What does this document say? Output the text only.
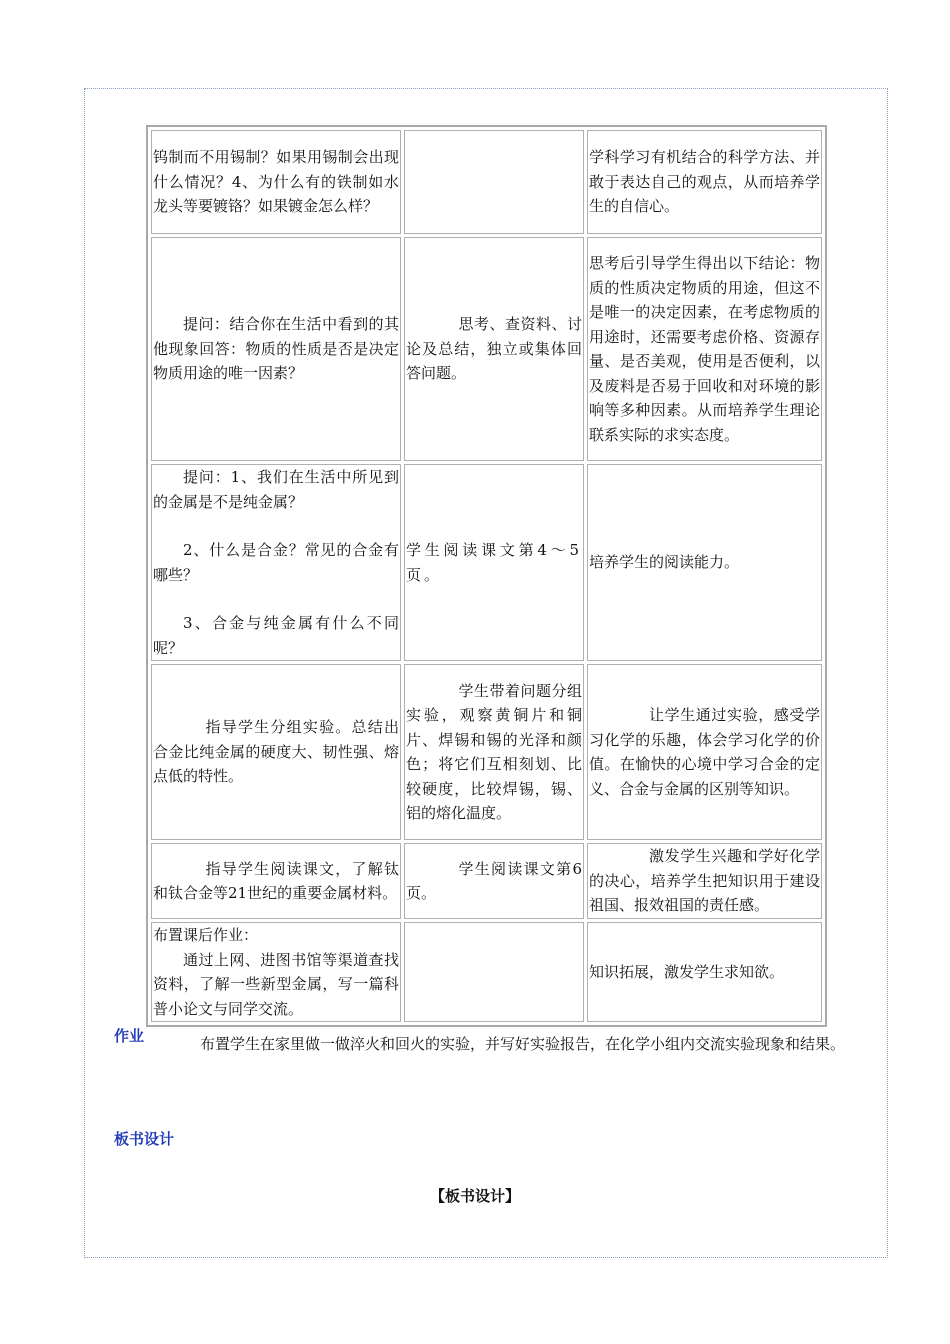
钨制而不用锡制？如果用锡制会出现什么情况？4、为什么有的铁制如水龙头等要镀铬？如果镀金怎么样？		学科学习有机结合的科学方法、并敢于表达自己的观点，从而培养学生的自信心。

提问：结合你在生活中看到的其他现象回答：物质的性质是否是决定物质用途的唯一因素？	思考、查资料、讨论及总结，独立或集体回答问题。	思考后引导学生得出以下结论：物质的性质决定物质的用途，但这不是唯一的决定因素，在考虑物质的用途时，还需要考虑价格、资源存量、是否美观，使用是否便利，以及废料是否易于回收和对环境的影响等多种因素。从而培养学生理论联系实际的求实态度。

提问：1、我们在生活中所见到的金属是不是纯金属？
2、什么是合金？常见的合金有哪些？
3、合金与纯金属有什么不同呢？	学生阅读课文第4～5页。	培养学生的阅读能力。

指导学生分组实验。总结出合金比纯金属的硬度大、韧性强、熔点低的特性。	学生带着问题分组实验，观察黄铜片和铜片、焊锡和锡的光泽和颜色；将它们互相刻划、比较硬度，比较焊锡，锡、铝的熔化温度。	让学生通过实验，感受学习化学的乐趣，体会学习化学的价值。在愉快的心境中学习合金的定义、合金与金属的区别等知识。

指导学生阅读课文，了解钛和钛合金等21世纪的重要金属材料。	学生阅读课文第6页。	激发学生兴趣和学好化学的决心，培养学生把知识用于建设祖国、报效祖国的责任感。

布置课后作业：
通过上网、进图书馆等渠道查找资料，了解一些新型金属，写一篇科普小论文与同学交流。		知识拓展，激发学生求知欲。
作业	布置学生在家里做一做淬火和回火的实验，并写好实验报告，在化学小组内交流实验现象和结果。
板书设计
【板书设计】
